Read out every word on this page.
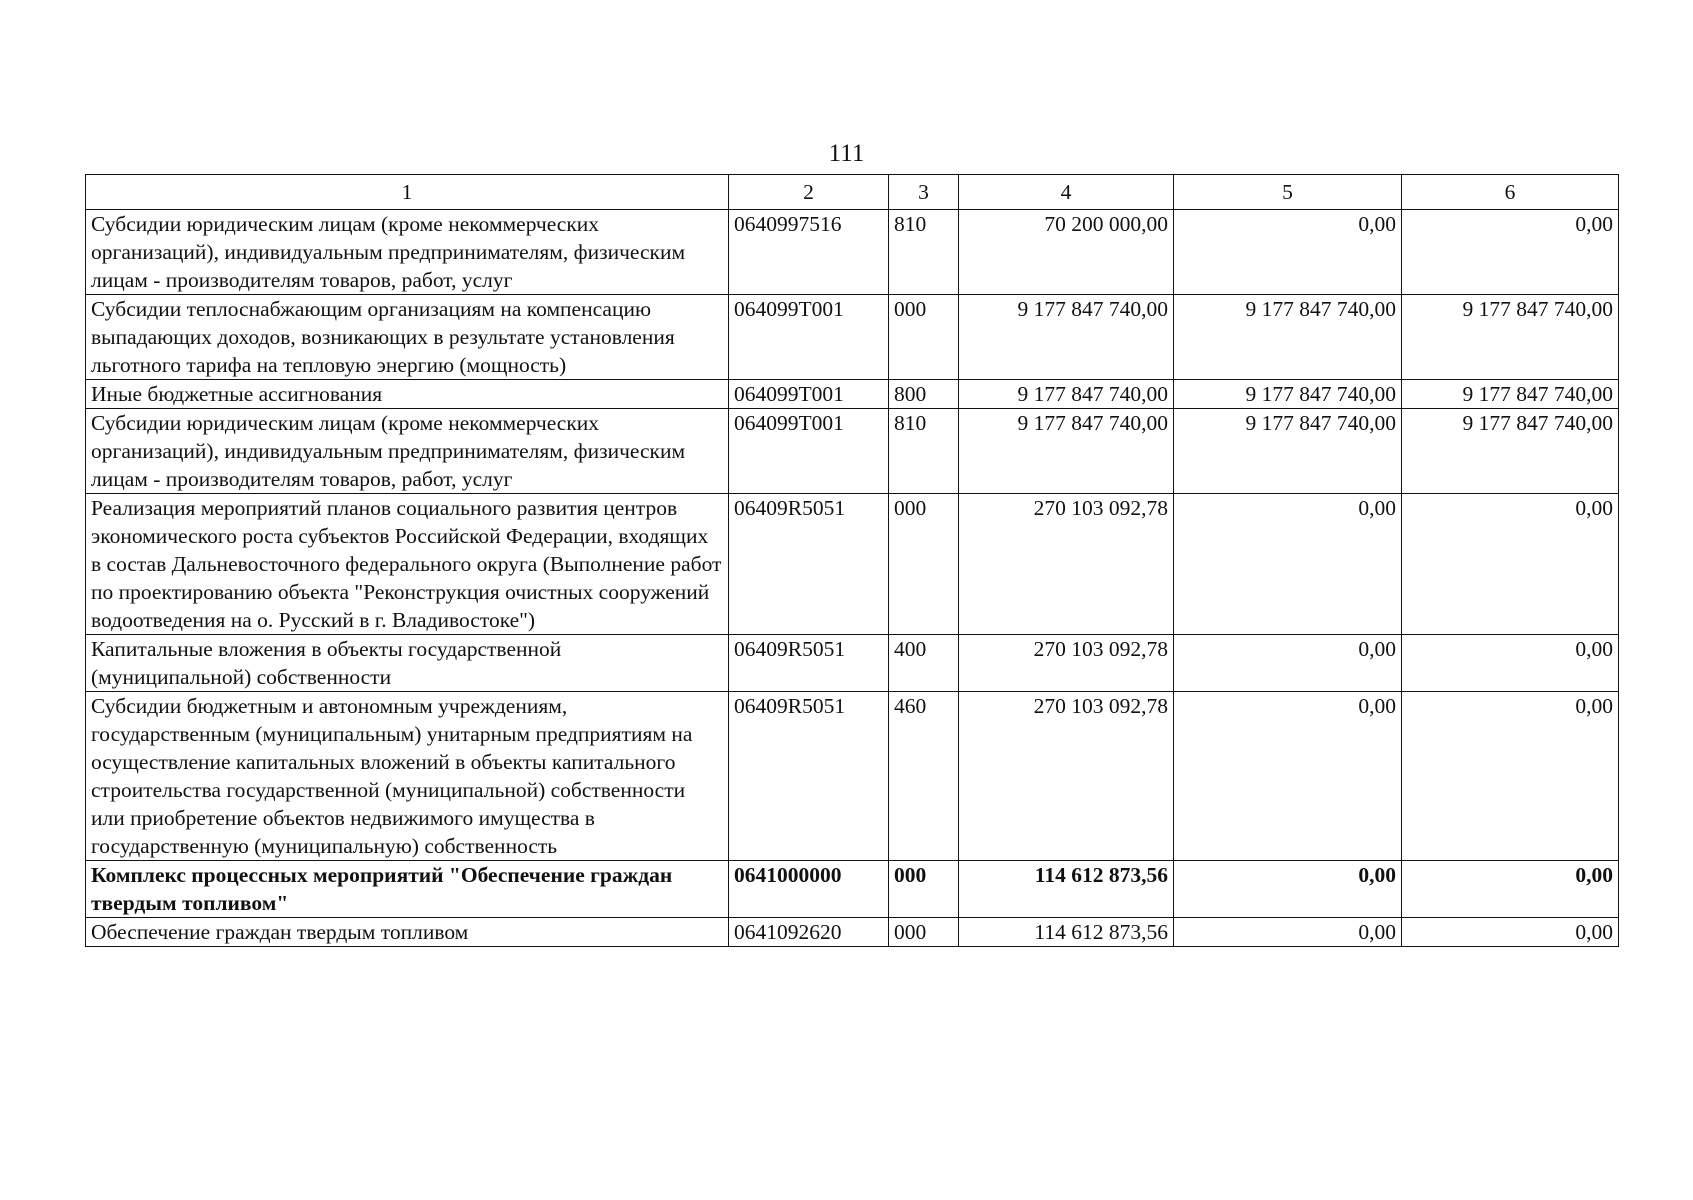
111
1	2	3	4	5	6
Субсидии юридическим лицам (кроме некоммерческих организаций), индивидуальным предпринимателям, физическим лицам - производителям товаров, работ, услуг	0640997516	810	70 200 000,00	0,00	0,00
Субсидии теплоснабжающим организациям на компенсацию выпадающих доходов, возникающих в результате установления льготного тарифа на тепловую энергию (мощность)	064099Т001	000	9 177 847 740,00	9 177 847 740,00	9 177 847 740,00
Иные бюджетные ассигнования	064099Т001	800	9 177 847 740,00	9 177 847 740,00	9 177 847 740,00
Субсидии юридическим лицам (кроме некоммерческих организаций), индивидуальным предпринимателям, физическим лицам - производителям товаров, работ, услуг	064099Т001	810	9 177 847 740,00	9 177 847 740,00	9 177 847 740,00
Реализация мероприятий планов социального развития центров экономического роста субъектов Российской Федерации, входящих в состав Дальневосточного федерального округа (Выполнение работ по проектированию объекта "Реконструкция очистных сооружений водоотведения на о. Русский в г. Владивостоке")	06409R5051	000	270 103 092,78	0,00	0,00
Капитальные вложения в объекты государственной (муниципальной) собственности	06409R5051	400	270 103 092,78	0,00	0,00
Субсидии бюджетным и автономным учреждениям, государственным (муниципальным) унитарным предприятиям на осуществление капитальных вложений в объекты капитального строительства государственной (муниципальной) собственности или приобретение объектов недвижимого имущества в государственную (муниципальную) собственность	06409R5051	460	270 103 092,78	0,00	0,00
Комплекс процессных мероприятий "Обеспечение граждан твердым топливом"	0641000000	000	114 612 873,56	0,00	0,00
Обеспечение граждан твердым топливом	0641092620	000	114 612 873,56	0,00	0,00
